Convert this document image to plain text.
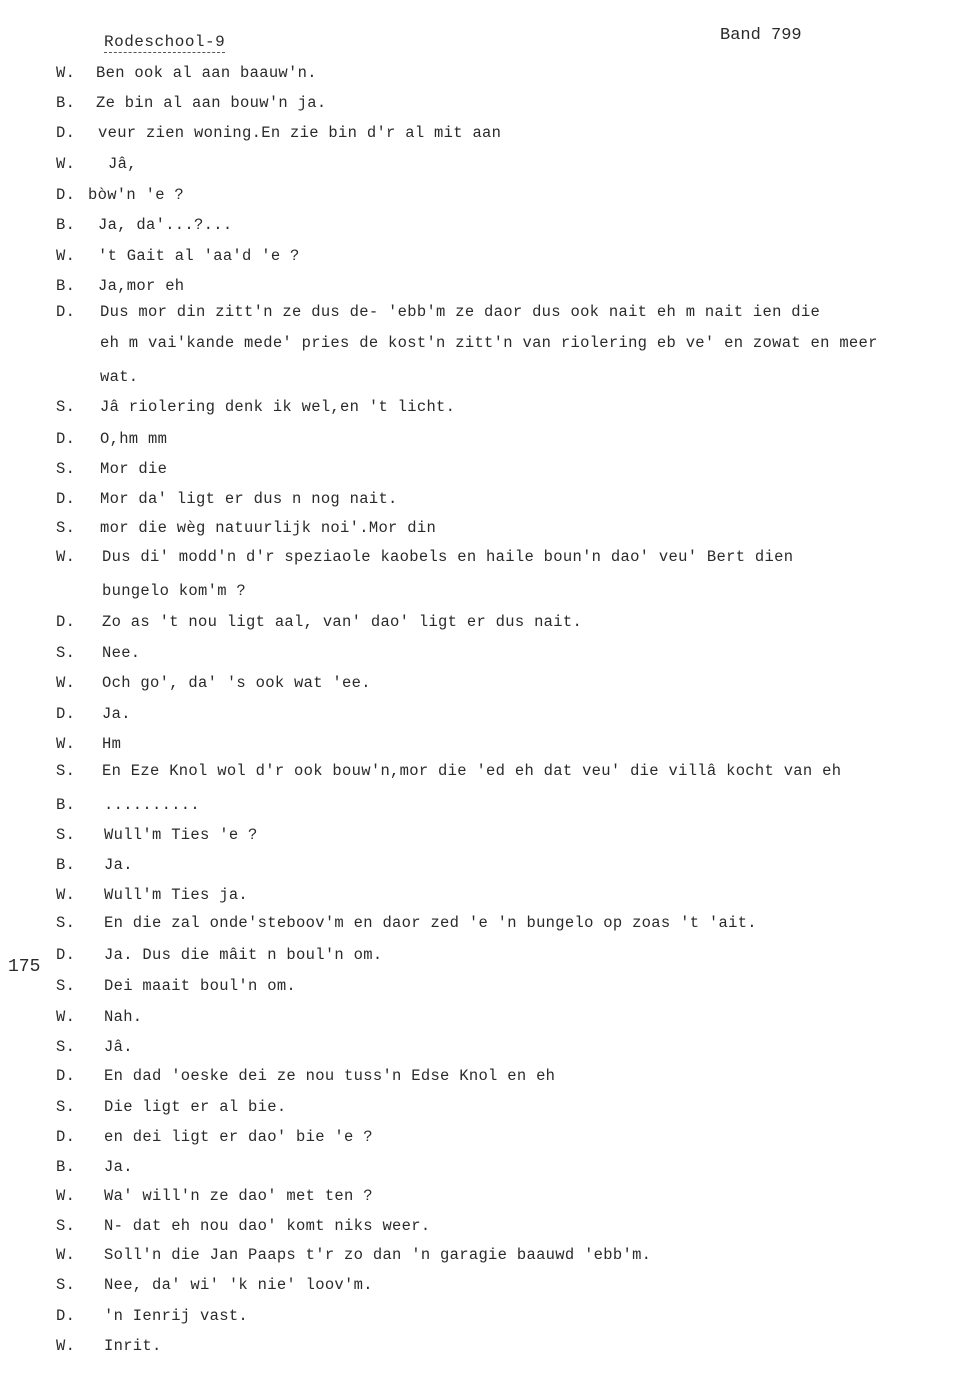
Rodeschool-9	Band 799
175
W. Ben ook al aan baauw'n.
B. Ze bin al aan bouw'n ja.
D. veur zien woning.En zie bin d'r al mit aan
W. Jâ,
D. bòw'n 'e ?
B. Ja, da'...?...
W. 't Gait al 'aa'd 'e ?
B. Ja,mor eh
D. Dus mor din zitt'n ze dus de- 'ebb'm ze daor dus ook nait eh m nait ien die
eh m vai'kande mede' pries de kost'n zitt'n van riolering eb ve' en zowat en meer
wat.
S. Jâ riolering denk ik wel,en 't licht.
D. O,hm mm
S. Mor die
D. Mor da' ligt er dus n nog nait.
S. mor die wèg natuurlijk noi'.Mor din
W. Dus di' modd'n d'r speziaole kaobels en haile boun'n dao' veu' Bert dien
bungelo kom'm ?
D. Zo as 't nou ligt aal, van' dao' ligt er dus nait.
S. Nee.
W. Och go', da' 's ook wat 'ee.
D. Ja.
W. Hm
S. En Eze Knol wol d'r ook bouw'n,mor die 'ed eh dat veu' die villâ kocht van eh
B. ..........
S. Wull'm Ties 'e ?
B. Ja.
W. Wull'm Ties ja.
S. En die zal onde'steboov'm en daor zed 'e 'n bungelo op zoas 't 'ait.
D. Ja. Dus die mâit n boul'n om.
S. Dei maait boul'n om.
W. Nah.
S. Jâ.
D. En dad 'oeske dei ze nou tuss'n Edse Knol en eh
S. Die ligt er al bie.
D. en dei ligt er dao' bie 'e ?
B. Ja.
W. Wa' will'n ze dao' met ten ?
S. N- dat eh nou dao' komt niks weer.
W. Soll'n die Jan Paaps t'r zo dan 'n garagie baauwd 'ebb'm.
S. Nee, da' wi' 'k nie' loov'm.
D. 'n Ienrij vast.
W. Inrit.
